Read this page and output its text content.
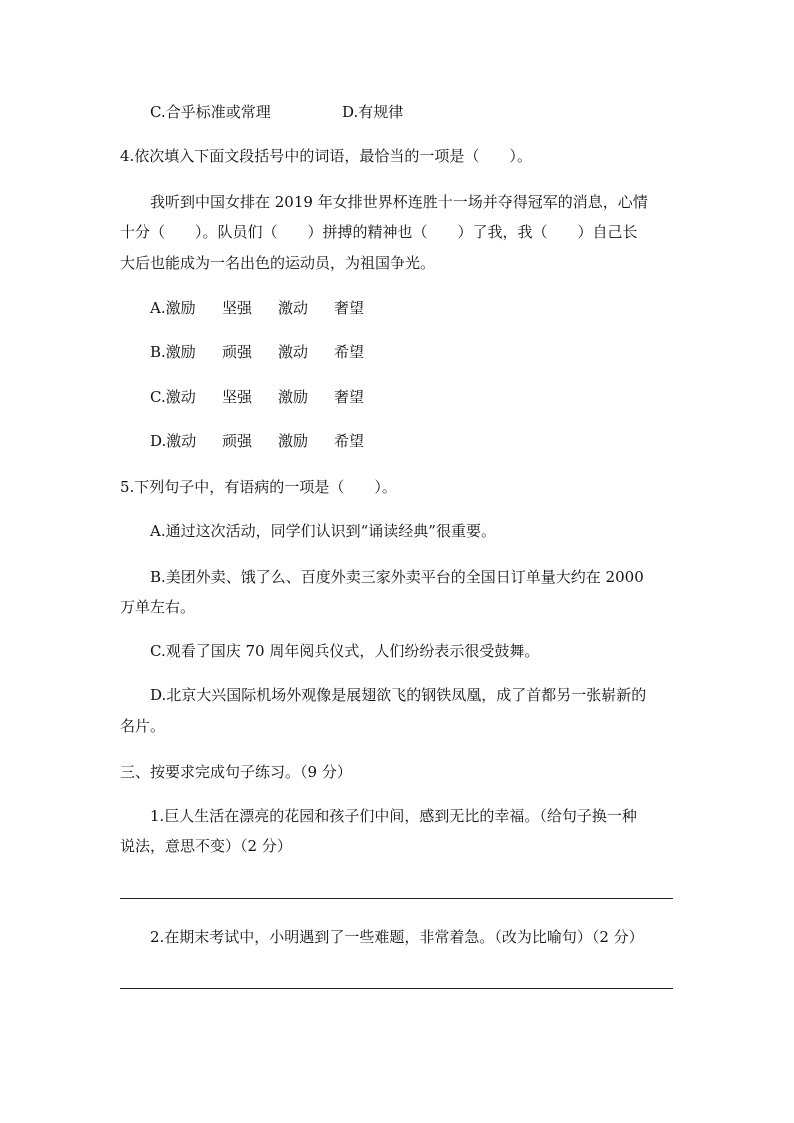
C.合乎标准或常理	D.有规律
4.依次填入下面文段括号中的词语，最恰当的一项是（　　）。
我听到中国女排在 2019 年女排世界杯连胜十一场并夺得冠军的消息，心情
十分（　　）。队员们（　　）拼搏的精神也（　　）了我，我（　　）自己长
大后也能成为一名出色的运动员，为祖国争光。
A.激励 坚强 激动 奢望
B.激励 顽强 激动 希望
C.激动 坚强 激励 奢望
D.激动 顽强 激励 希望
5.下列句子中，有语病的一项是（　　）。
A.通过这次活动，同学们认识到“诵读经典”很重要。
B.美团外卖、饿了么、百度外卖三家外卖平台的全国日订单量大约在 2000
万单左右。
C.观看了国庆 70 周年阅兵仪式，人们纷纷表示很受鼓舞。
D.北京大兴国际机场外观像是展翅欲飞的钢铁凤凰，成了首都另一张崭新的
名片。
三、按要求完成句子练习。（9 分）
1.巨人生活在漂亮的花园和孩子们中间，感到无比的幸福。（给句子换一种
说法，意思不变）（2 分）
2.在期末考试中，小明遇到了一些难题，非常着急。（改为比喻句）（2 分）
